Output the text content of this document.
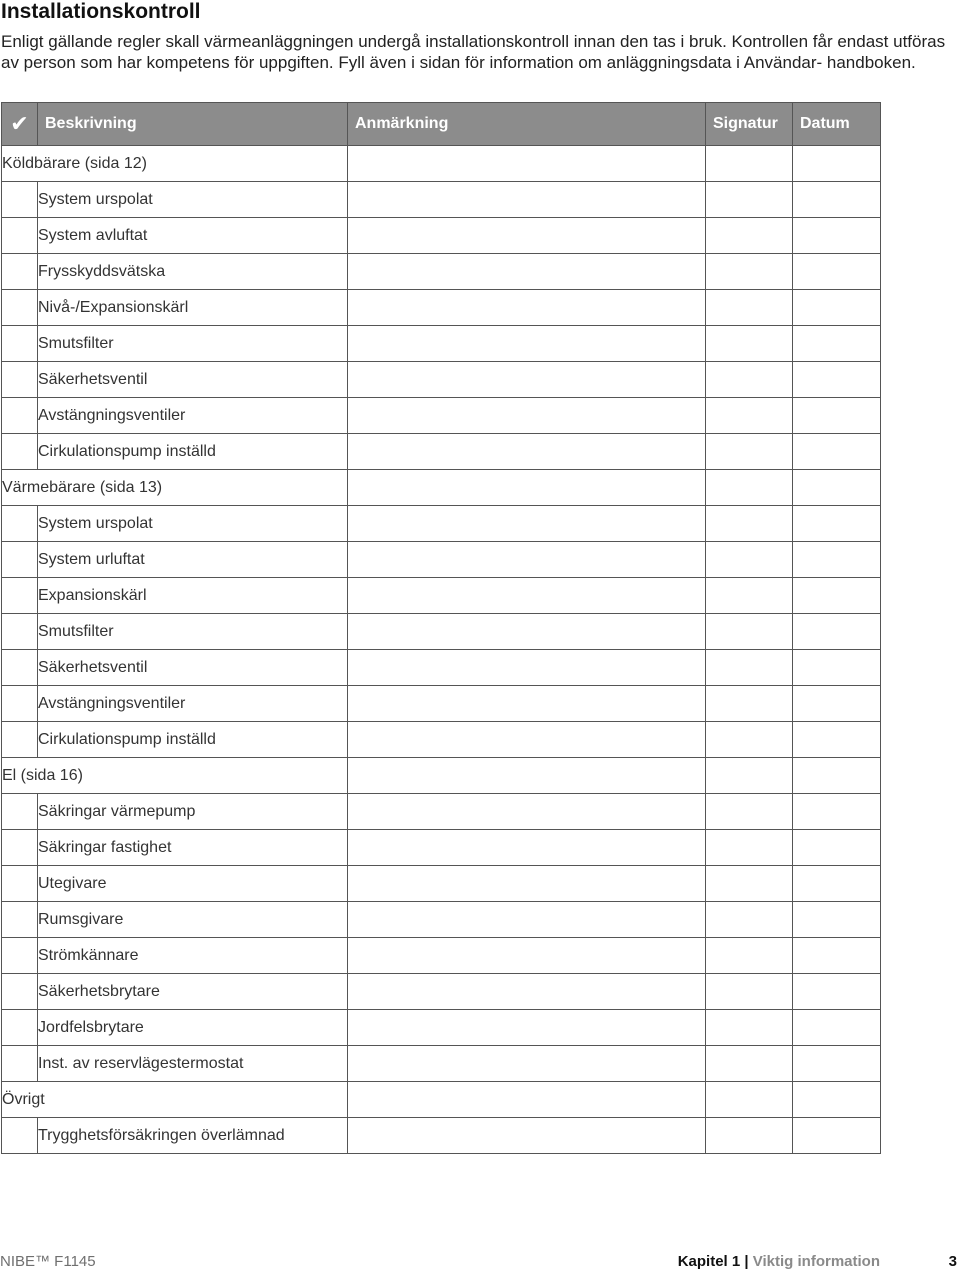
Installationskontroll

Enligt gällande regler skall värmeanläggningen undergå installationskontroll innan den tas i bruk. Kontrollen får endast utföras av person som har kompetens för uppgiften. Fyll även i sidan för information om anläggningsdata i Användar- handboken.

✔	Beskrivning	Anmärkning	Signatur	Datum
Köldbärare (sida 12)				
	System urspolat			
	System avluftat			
	Frysskyddsvätska			
	Nivå-/Expansionskärl			
	Smutsfilter			
	Säkerhetsventil			
	Avstängningsventiler			
	Cirkulationspump inställd			
Värmebärare (sida 13)				
	System urspolat			
	System urluftat			
	Expansionskärl			
	Smutsfilter			
	Säkerhetsventil			
	Avstängningsventiler			
	Cirkulationspump inställd			
El (sida 16)				
	Säkringar värmepump			
	Säkringar fastighet			
	Utegivare			
	Rumsgivare			
	Strömkännare			
	Säkerhetsbrytare			
	Jordfelsbrytare			
	Inst. av reservlägestermostat			
Övrigt				
	Trygghetsförsäkringen överlämnad			
NIBE™ F1145	Kapitel 1 | Viktig information	3
